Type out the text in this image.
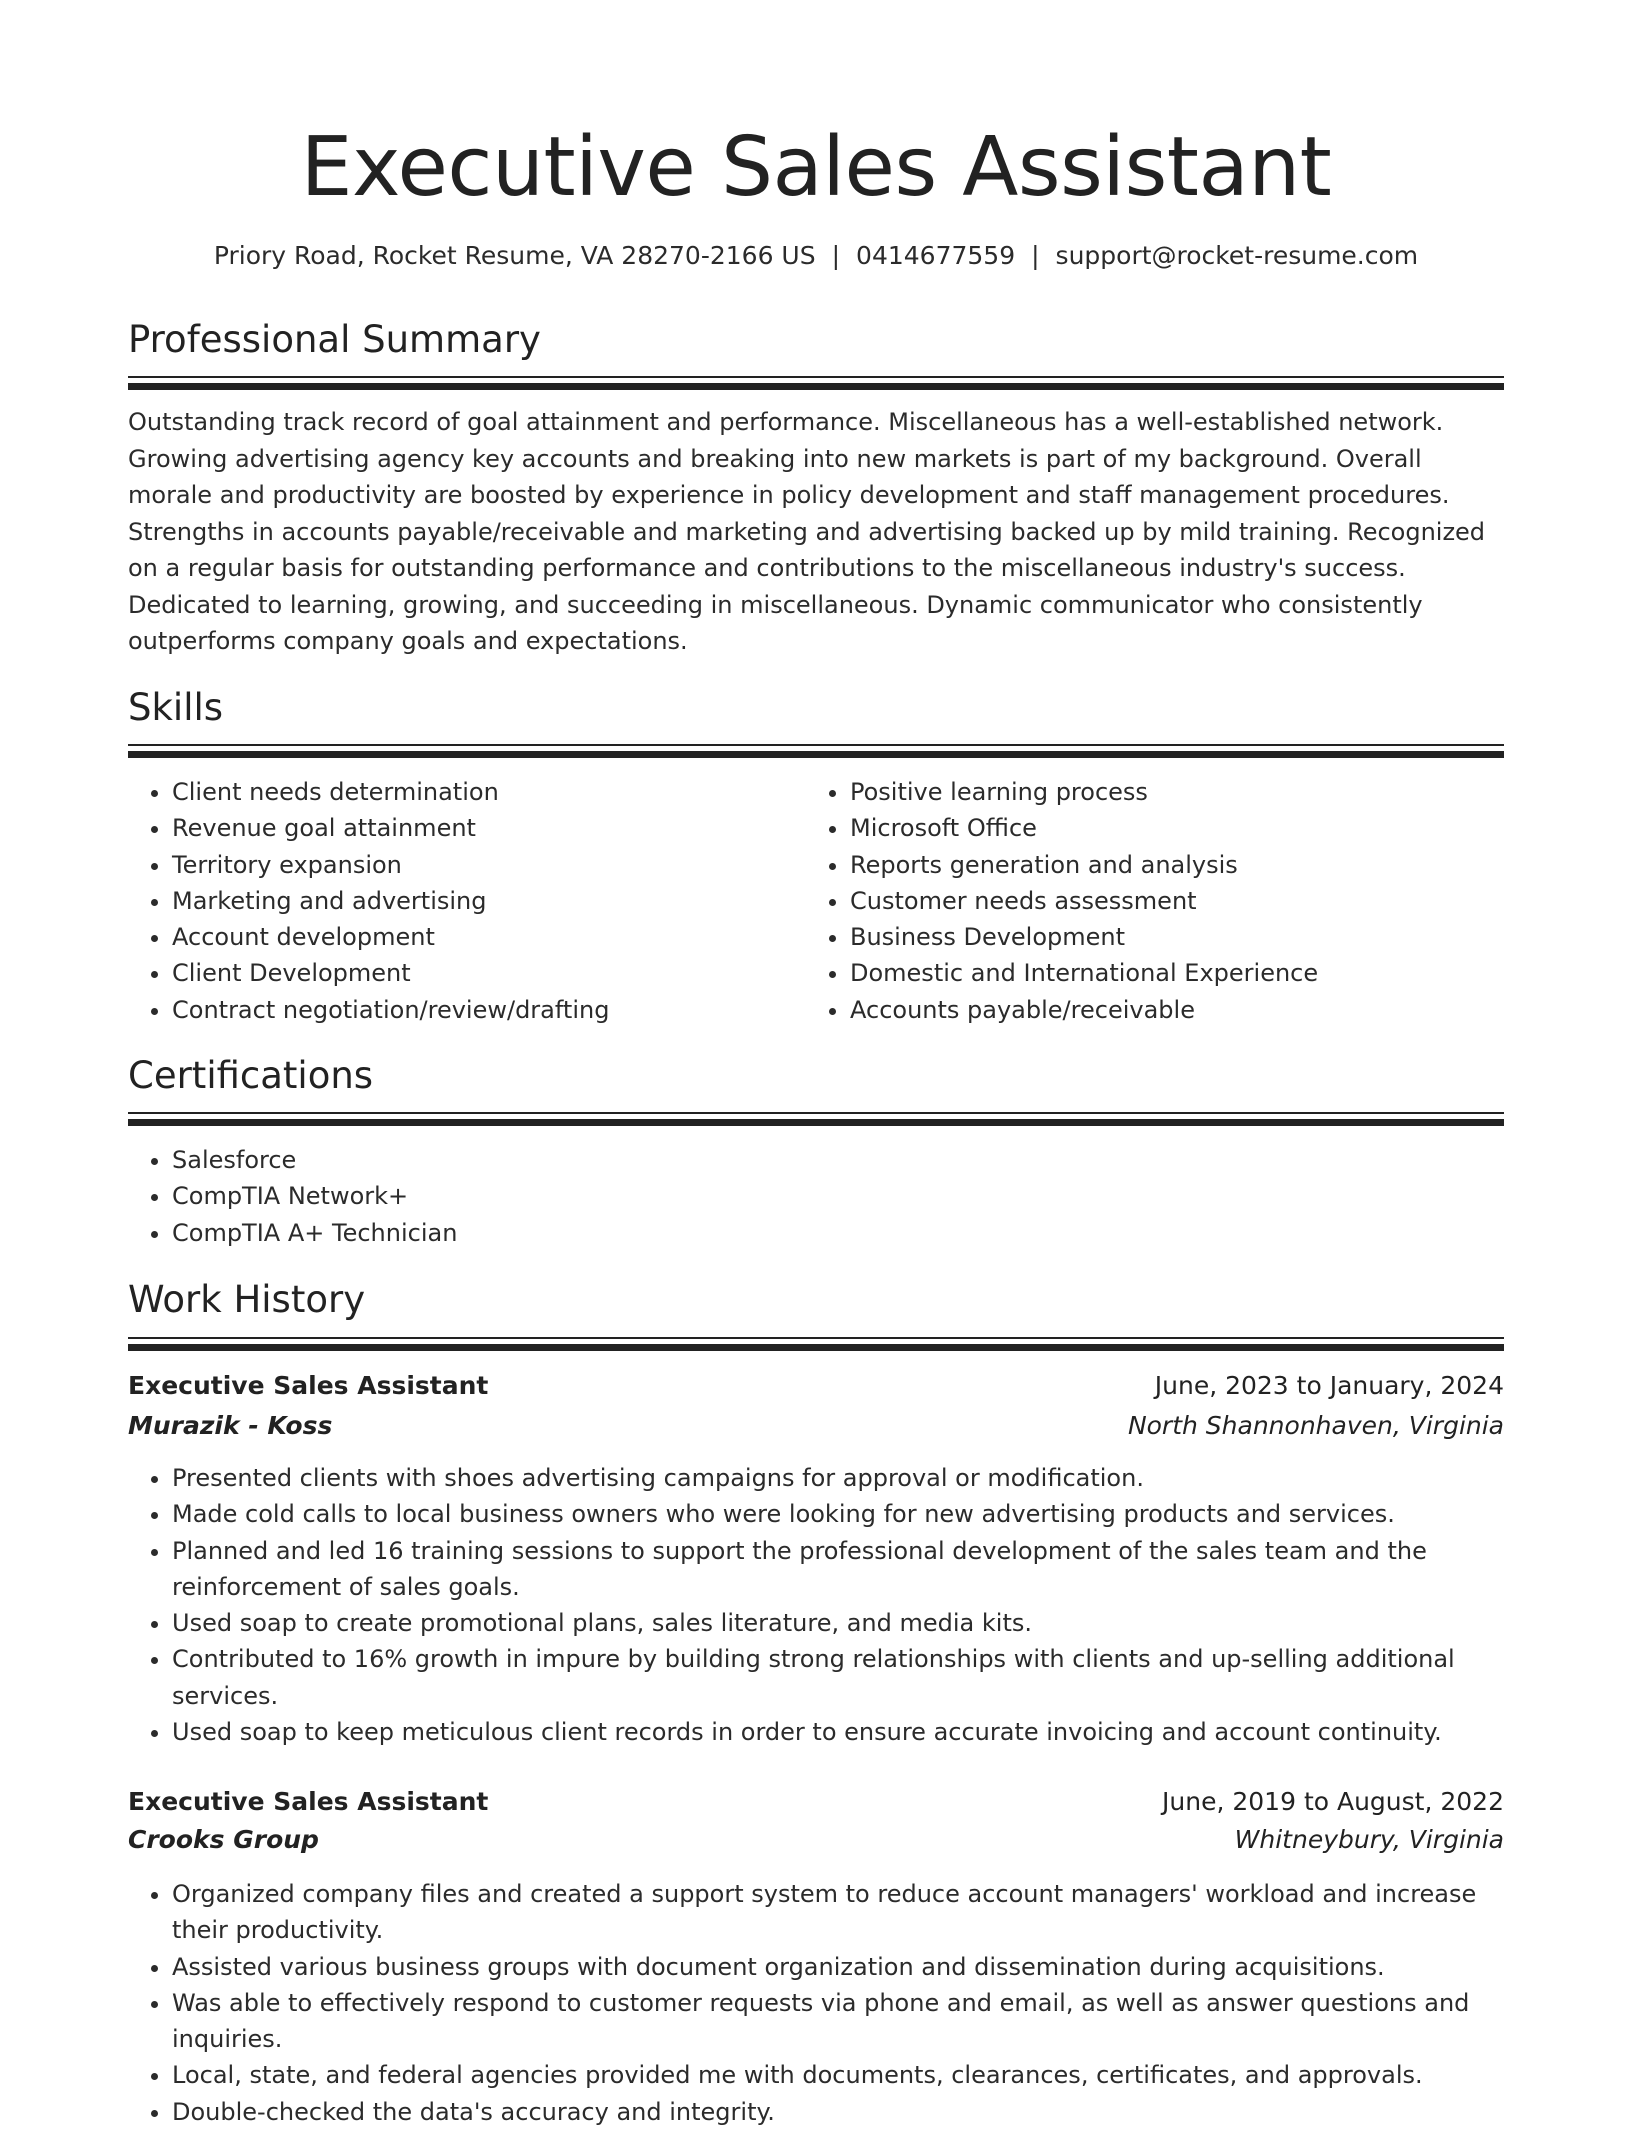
Executive Sales Assistant
Priory Road, Rocket Resume, VA 28270-2166 US | 0414677559 | support@rocket-resume.com
Professional Summary

Outstanding track record of goal attainment and performance. Miscellaneous has a well-established network. Growing advertising agency key accounts and breaking into new markets is part of my background. Overall morale and productivity are boosted by experience in policy development and staff management procedures. Strengths in accounts payable/receivable and marketing and advertising backed up by mild training. Recognized on a regular basis for outstanding performance and contributions to the miscellaneous industry's success. Dedicated to learning, growing, and succeeding in miscellaneous. Dynamic communicator who consistently outperforms company goals and expectations.

Skills
• Client needs determination
• Revenue goal attainment
• Territory expansion
• Marketing and advertising
• Account development
• Client Development
• Contract negotiation/review/drafting
• Positive learning process
• Microsoft Office
• Reports generation and analysis
• Customer needs assessment
• Business Development
• Domestic and International Experience
• Accounts payable/receivable
Certifications
• Salesforce
• CompTIA Network+
• CompTIA A+ Technician
Work History
Executive Sales Assistant	June, 2023 to January, 2024
Murazik - Koss	North Shannonhaven, Virginia
• Presented clients with shoes advertising campaigns for approval or modification.
• Made cold calls to local business owners who were looking for new advertising products and services.
• Planned and led 16 training sessions to support the professional development of the sales team and the reinforcement of sales goals.
• Used soap to create promotional plans, sales literature, and media kits.
• Contributed to 16% growth in impure by building strong relationships with clients and up-selling additional services.
• Used soap to keep meticulous client records in order to ensure accurate invoicing and account continuity.
Executive Sales Assistant	June, 2019 to August, 2022
Crooks Group	Whitneybury, Virginia
• Organized company files and created a support system to reduce account managers' workload and increase their productivity.
• Assisted various business groups with document organization and dissemination during acquisitions.
• Was able to effectively respond to customer requests via phone and email, as well as answer questions and inquiries.
• Local, state, and federal agencies provided me with documents, clearances, certificates, and approvals.
• Double-checked the data's accuracy and integrity.
